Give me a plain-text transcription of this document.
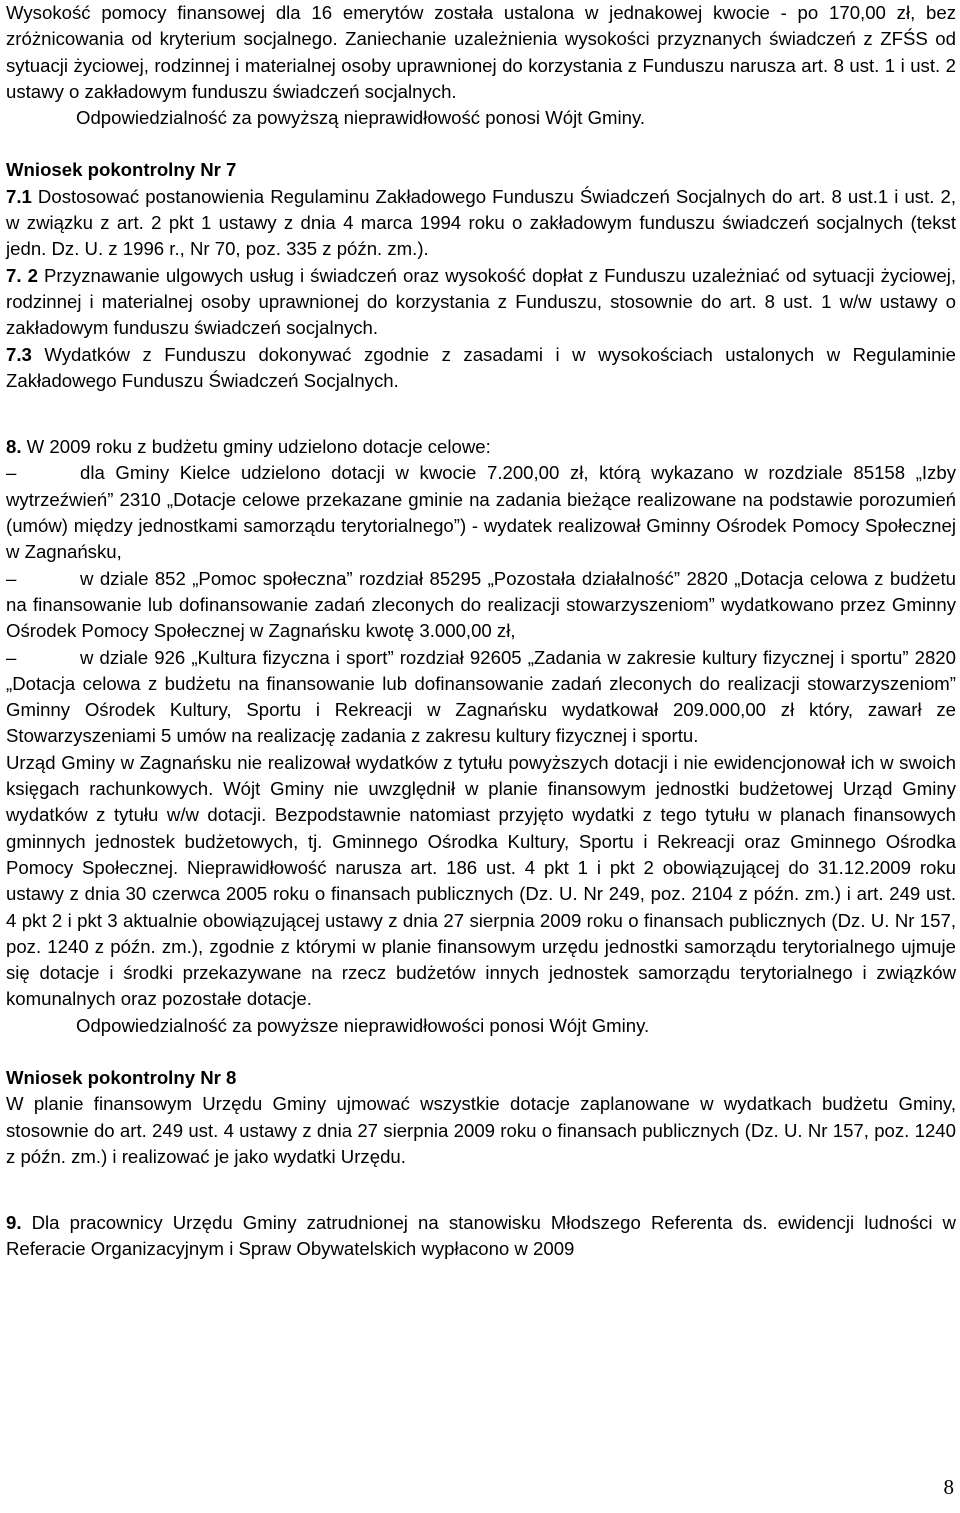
Wysokość pomocy finansowej dla 16 emerytów została ustalona w jednakowej kwocie - po 170,00 zł, bez zróżnicowania od kryterium socjalnego. Zaniechanie uzależnienia wysokości przyznanych świadczeń z ZFŚS od sytuacji życiowej, rodzinnej i materialnej osoby uprawnionej do korzystania z Funduszu narusza art. 8 ust. 1 i ust. 2 ustawy o zakładowym funduszu świadczeń socjalnych.

Odpowiedzialność za powyższą nieprawidłowość ponosi Wójt Gminy.

Wniosek pokontrolny Nr 7

7.1 Dostosować postanowienia Regulaminu Zakładowego Funduszu Świadczeń Socjalnych do art. 8 ust.1 i ust. 2, w związku z art. 2 pkt 1 ustawy z dnia 4 marca 1994 roku o zakładowym funduszu świadczeń socjalnych (tekst jedn. Dz. U. z 1996 r., Nr 70, poz. 335 z późn. zm.).

7. 2 Przyznawanie ulgowych usług i świadczeń oraz wysokość dopłat z Funduszu uzależniać od sytuacji życiowej, rodzinnej i materialnej osoby uprawnionej do korzystania z Funduszu, stosownie do art. 8 ust. 1 w/w ustawy o zakładowym funduszu świadczeń socjalnych.

7.3 Wydatków z Funduszu dokonywać zgodnie z zasadami i w wysokościach ustalonych w Regulaminie Zakładowego Funduszu Świadczeń Socjalnych.

8. W 2009 roku z budżetu gminy udzielono dotacje celowe:

–	dla Gminy Kielce udzielono dotacji w kwocie 7.200,00 zł, którą wykazano w rozdziale 85158 „Izby wytrzeźwień” 2310 „Dotacje celowe przekazane gminie na zadania bieżące realizowane na podstawie porozumień (umów) między jednostkami samorządu terytorialnego”) - wydatek realizował Gminny Ośrodek Pomocy Społecznej w Zagnańsku,

–	w dziale 852 „Pomoc społeczna” rozdział 85295 „Pozostała działalność” 2820 „Dotacja celowa z budżetu na finansowanie lub dofinansowanie zadań zleconych do realizacji stowarzyszeniom” wydatkowano przez Gminny Ośrodek Pomocy Społecznej w Zagnańsku kwotę 3.000,00 zł,

–	w dziale 926 „Kultura fizyczna i sport” rozdział 92605 „Zadania w zakresie kultury fizycznej i sportu” 2820 „Dotacja celowa z budżetu na finansowanie lub dofinansowanie zadań zleconych do realizacji stowarzyszeniom” Gminny Ośrodek Kultury, Sportu i Rekreacji w Zagnańsku wydatkował 209.000,00 zł który, zawarł ze Stowarzyszeniami 5 umów na realizację zadania z zakresu kultury fizycznej i sportu.

Urząd Gminy w Zagnańsku nie realizował wydatków z tytułu powyższych dotacji i nie ewidencjonował ich w swoich księgach rachunkowych. Wójt Gminy nie uwzględnił w planie finansowym jednostki budżetowej Urząd Gminy wydatków z tytułu w/w dotacji. Bezpodstawnie natomiast przyjęto wydatki z tego tytułu w planach finansowych gminnych jednostek budżetowych, tj. Gminnego Ośrodka Kultury, Sportu i Rekreacji oraz Gminnego Ośrodka Pomocy Społecznej. Nieprawidłowość narusza art. 186 ust. 4 pkt 1 i pkt 2 obowiązującej do 31.12.2009 roku ustawy z dnia 30 czerwca 2005 roku o finansach publicznych (Dz. U. Nr 249, poz. 2104 z późn. zm.) i art. 249 ust. 4 pkt 2 i pkt 3 aktualnie obowiązującej ustawy z dnia 27 sierpnia 2009 roku o finansach publicznych (Dz. U. Nr 157, poz. 1240 z późn. zm.), zgodnie z którymi w planie finansowym urzędu jednostki samorządu terytorialnego ujmuje się dotacje i środki przekazywane na rzecz budżetów innych jednostek samorządu terytorialnego i związków komunalnych oraz pozostałe dotacje.

Odpowiedzialność za powyższe nieprawidłowości ponosi Wójt Gminy.

Wniosek pokontrolny Nr 8

W planie finansowym Urzędu Gminy ujmować wszystkie dotacje zaplanowane w wydatkach budżetu Gminy, stosownie do art. 249 ust. 4 ustawy z dnia 27 sierpnia 2009 roku o finansach publicznych (Dz. U. Nr 157, poz. 1240 z późn. zm.) i realizować je jako wydatki Urzędu.

9. Dla pracownicy Urzędu Gminy zatrudnionej na stanowisku Młodszego Referenta ds. ewidencji ludności w Referacie Organizacyjnym i Spraw Obywatelskich wypłacono w 2009

8
